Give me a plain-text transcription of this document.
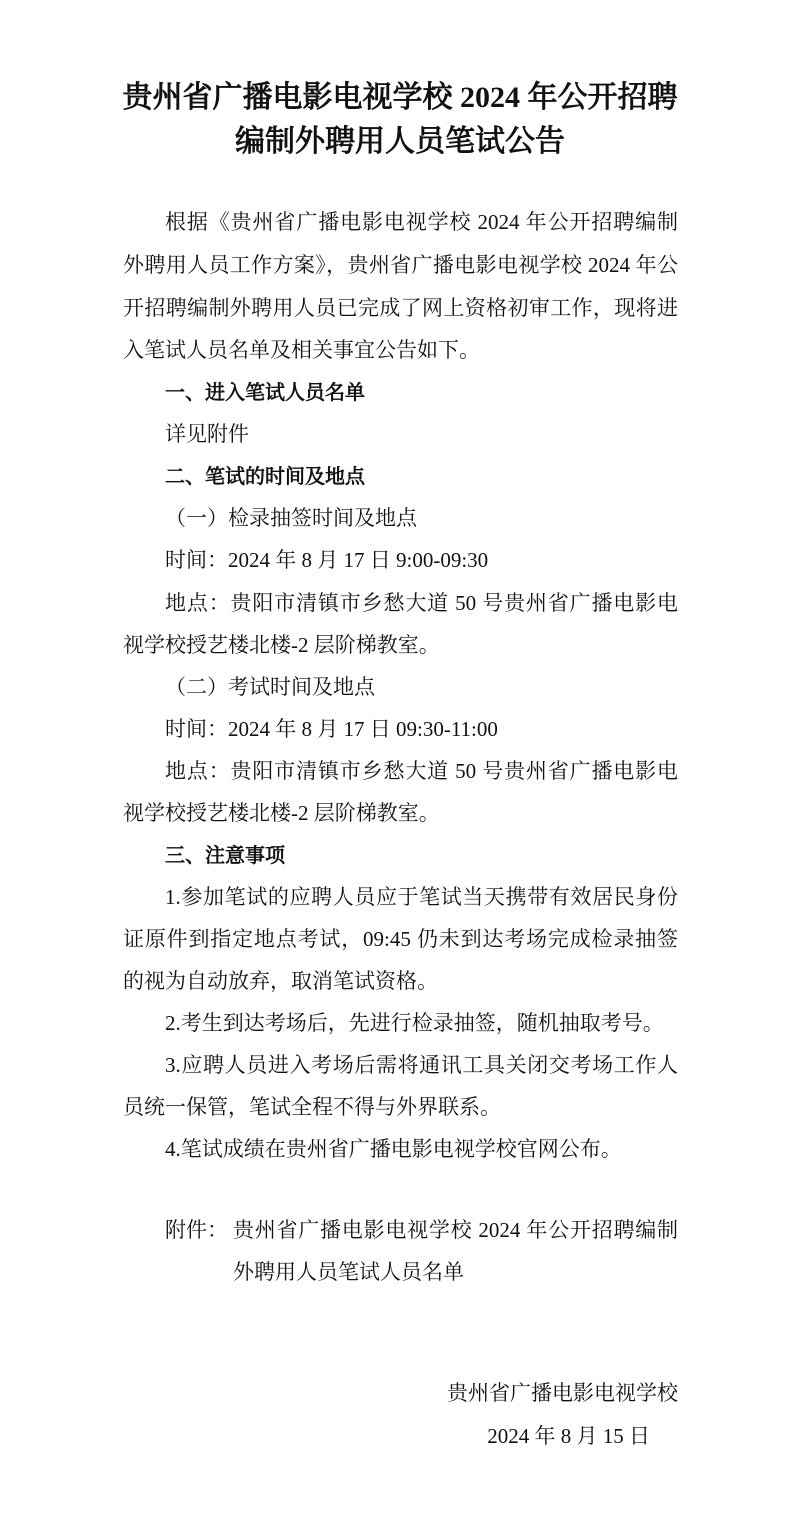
贵州省广播电影电视学校 2024 年公开招聘
编制外聘用人员笔试公告
根据《贵州省广播电影电视学校 2024 年公开招聘编制
外聘用人员工作方案》，贵州省广播电影电视学校 2024 年公
开招聘编制外聘用人员已完成了网上资格初审工作，现将进
入笔试人员名单及相关事宜公告如下。
一、进入笔试人员名单
详见附件
二、笔试的时间及地点
（一）检录抽签时间及地点
时间：2024 年 8 月 17 日 9:00-09:30
地点：贵阳市清镇市乡愁大道 50 号贵州省广播电影电
视学校授艺楼北楼-2 层阶梯教室。
（二）考试时间及地点
时间：2024 年 8 月 17 日 09:30-11:00
地点：贵阳市清镇市乡愁大道 50 号贵州省广播电影电
视学校授艺楼北楼-2 层阶梯教室。
三、注意事项
1.参加笔试的应聘人员应于笔试当天携带有效居民身份
证原件到指定地点考试，09:45 仍未到达考场完成检录抽签
的视为自动放弃，取消笔试资格。
2.考生到达考场后，先进行检录抽签，随机抽取考号。
3.应聘人员进入考场后需将通讯工具关闭交考场工作人
员统一保管，笔试全程不得与外界联系。
4.笔试成绩在贵州省广播电影电视学校官网公布。
附件： 贵州省广播电影电视学校 2024 年公开招聘编制
外聘用人员笔试人员名单
贵州省广播电影电视学校
2024 年 8 月 15 日
